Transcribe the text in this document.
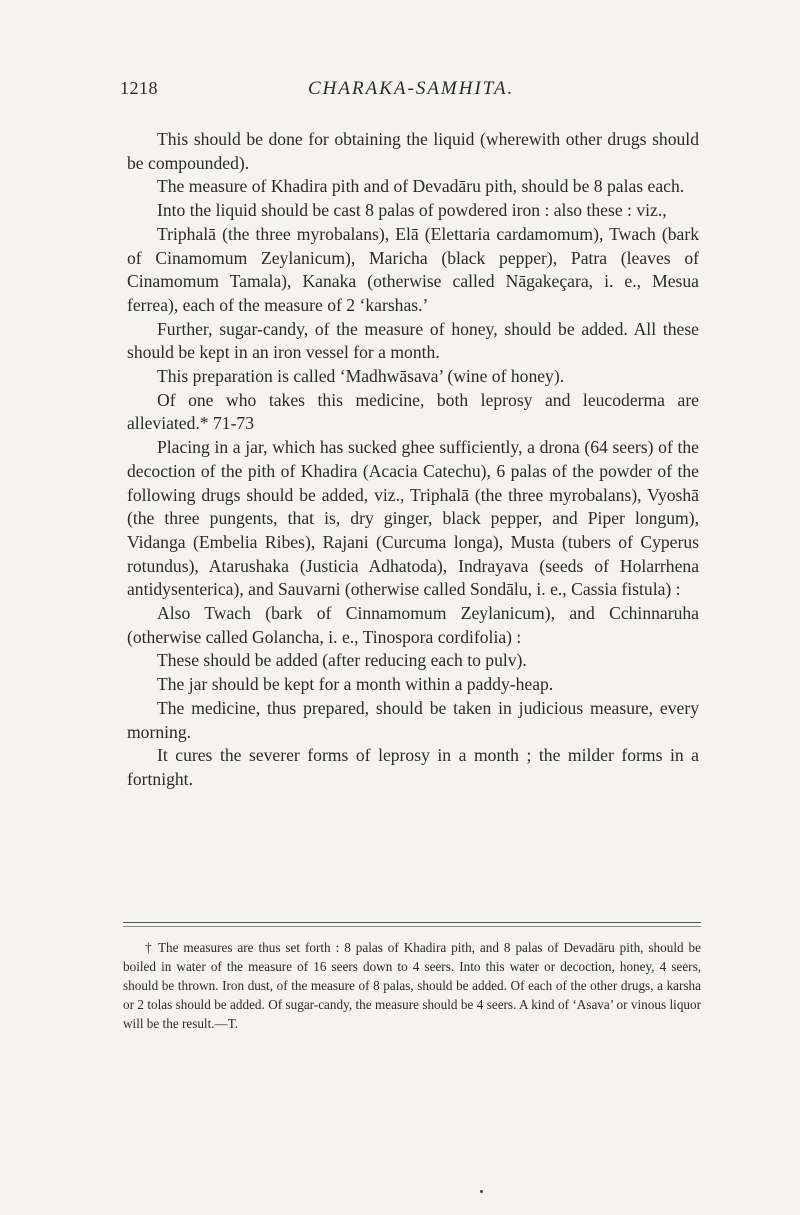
1218	CHARAKA-SAMHITA.

This should be done for obtaining the liquid (wherewith other drugs should be compounded).

The measure of Khadira pith and of Devadāru pith, should be 8 palas each.

Into the liquid should be cast 8 palas of powdered iron : also these : viz.,

Triphalā (the three myrobalans), Elā (Elettaria cardamomum), Twach (bark of Cinamomum Zeylanicum), Maricha (black pepper), Patra (leaves of Cinamomum Tamala), Kanaka (otherwise called Nāgakeçara, i. e., Mesua ferrea), each of the measure of 2 ‘karshas.’

Further, sugar-candy, of the measure of honey, should be added. All these should be kept in an iron vessel for a month.

This preparation is called ‘Madhwāsava’ (wine of honey).

Of one who takes this medicine, both leprosy and leucoderma are alleviated.* 71-73

Placing in a jar, which has sucked ghee sufficiently, a drona (64 seers) of the decoction of the pith of Khadira (Acacia Catechu), 6 palas of the powder of the following drugs should be added, viz., Triphalā (the three myrobalans), Vyoshā (the three pungents, that is, dry ginger, black pepper, and Piper longum), Vidanga (Embelia Ribes), Rajani (Curcuma longa), Musta (tubers of Cyperus rotundus), Atarushaka (Justicia Adhatoda), Indrayava (seeds of Holarrhena antidysenterica), and Sauvarni (otherwise called Sondālu, i. e., Cassia fistula) :

Also Twach (bark of Cinnamomum Zeylanicum), and Cchinnaruha (otherwise called Golancha, i. e., Tinospora cordifolia) :

These should be added (after reducing each to pulv).

The jar should be kept for a month within a paddy-heap.

The medicine, thus prepared, should be taken in judicious measure, every morning.

It cures the severer forms of leprosy in a month ; the milder forms in a fortnight.

† The measures are thus set forth : 8 palas of Khadira pith, and 8 palas of Devadāru pith, should be boiled in water of the measure of 16 seers down to 4 seers. Into this water or decoction, honey, 4 seers, should be thrown. Iron dust, of the measure of 8 palas, should be added. Of each of the other drugs, a karsha or 2 tolas should be added. Of sugar-candy, the measure should be 4 seers. A kind of ‘Asava’ or vinous liquor will be the result.—T.
